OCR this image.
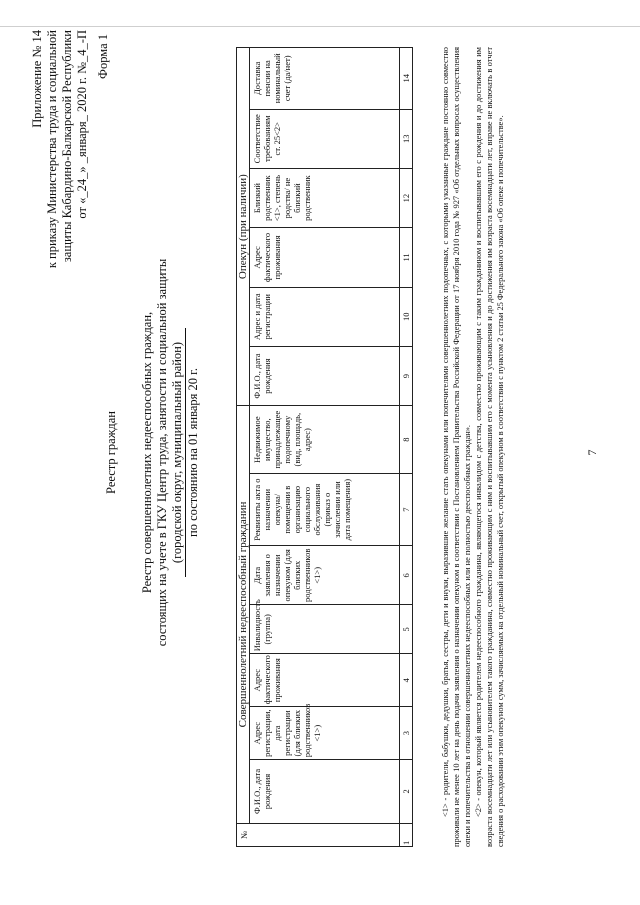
Приложение № 14 к приказу Министерства труда и социальной защиты Кабардино-Балкарской Республики от «_24_» _января_ 2020 г. №_4_-П Форма 1
Реестр граждан Реестр совершеннолетних недееспособных граждан, состоящих на учете в ГКУ Центр труда, занятости и социальной защиты (городской округ, муниципальный район) по состоянию на 01 января 20 г.
№	Совершеннолетний недееспособный гражданин							Опекун (при наличии)					
	Ф.И.О., дата рождения	Адрес регистрации, дата регистрации (для близких родственников <1>)	Адрес фактического проживания	Инвалидность (группа)	Дата заявления о назначении опекуном (для близких родственников <1>)	Реквизиты акта о назначении опекуна/помещении в организацию социального обслуживания (приказ о зачислении или дата помещения)	Недвижимое имущество, принадлежащее подопечному (вид, площадь, адрес)	Ф.И.О., дата рождения	Адрес и дата регистрации	Адрес фактического проживания	Близкий родственник <1>, степень родства/ не близкий родственник	Соответствие требованиям ст. 25<2>	Доставка пенсии на номинальный счет (да/нет)
1	2	3	4	5	6	7	8	9	10	11	12	13	14	<1> - родители, бабушки, дедушки, братья, сестры, дети и внуки, выразившие желание стать опекунами или попечителями совершеннолетних подопечных, с которыми указанные граждане постоянно совместно проживали не менее 10 лет на день подачи заявления о назначении опекуном в соответствии с Постановлением Правительства Российской Федерации от 17 ноября 2010 года № 927 «Об отдельных вопросах осуществления опеки и попечительства в отношении совершеннолетних недееспособных или не полностью дееспособных граждан». <2> - опекун, который является родителем недееспособного гражданина, являющегося инвалидом с детства, совместно проживающим с таким гражданином и воспитывавшим его с рождения и до достижения им возраста восемнадцати лет или усыновителем такого гражданина, совместно проживающим с ним и воспитывавшим его с момента усыновления и до достижения им возраста восемнадцати лет, вправе не включать в отчет сведения о расходовании этим опекуном сумм, зачисляемых на отдельный номинальный счет, открытый опекуном в соответствии с пунктом 2 статьи 25 Федерального закона «Об опеке и попечительстве».	7
